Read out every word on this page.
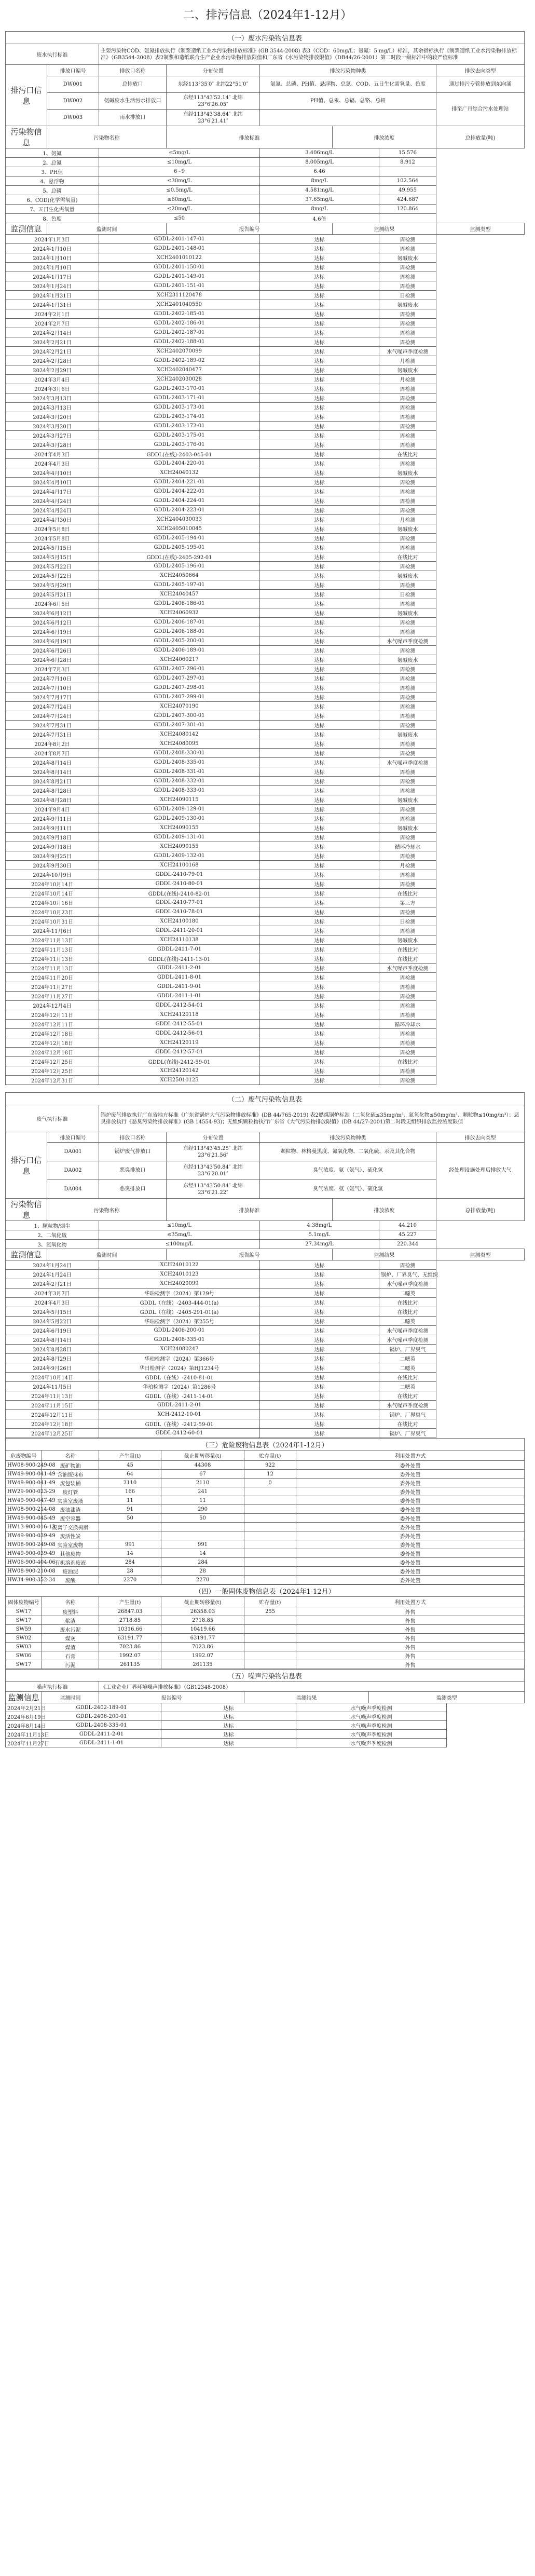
二、排污信息（2024年1-12月）
（一）废水污染物信息表							
废水执行标准		主要污染物COD、氨氮排放执行《制浆造纸工业水污染物排放标准》(GB 3544-2008) 表3（COD：60mg/L；氨氮：5 mg/L）标准，其余指标执行《制浆造纸工业水污染物排放标准》（GB3544-2008）表2制浆和造纸联合生产企业水污染物排放限值和广东省《水污染物排放限值》（DB44/26-2001）第二时段一级标准中的较严值标准					
排污口信息	排放口编号	排放口名称	分布位置	排放污染物种类			排放去向类型
	DW001	总排放口	东经113°35′0″ 北纬22°51′0″	氨氮、总磷、PH值、悬浮物、总氮、COD、五日生化需氧量、色度			通过排污专管排放到东向涌
	DW002	氨碱废水生活污水排放口	东经113°43′52.14″ 北纬23°6′26.05″	PH值、总汞、总镉、总铬、总铅			排至广丹综合污水处理站
	DW003	雨水排放口	东经113°43′38.64″ 北纬23°6′21.41″				
污染物信息	污染物名称		排放标准		排放浓度		总排放量(吨)
1、氨氮		≤5mg/L		3.406mg/L		15.576	
2、总氮		≤10mg/L		8.005mg/L		8.912	
3、PH值		6~9		6.46			
4、悬浮物		≤30mg/L		8mg/L		102.564	
5、总磷		≤0.5mg/L		4.581mg/L		49.955	
6、COD(化学需氧量)		≤60mg/L		37.65mg/L		424.687	
7、五日生化需氧量		≤20mg/L		8mg/L		120.864	
8、色度		≤50		4.6倍			
监测信息	监测时间		报告编号		监测结果		监测类型
2024年1月3日		GDDL-2401-147-01		达标		周检测	
2024年1月10日		GDDL-2401-148-01		达标		周检测	
2024年1月10日		XCH2401010122		达标		氨碱废水	
2024年1月10日		GDDL-2401-150-01		达标		周检测	
2024年1月17日		GDDL-2401-149-01		达标		周检测	
2024年1月24日		GDDL-2401-151-01		达标		周检测	
2024年1月31日		XCH2311120478		达标		日检测	
2024年1月31日		XCH2401040550		达标		氨碱废水	
2024年2月1日		GDDL-2402-185-01		达标		周检测	
2024年2月7日		GDDL-2402-186-01		达标		周检测	
2024年2月14日		GDDL-2402-187-01		达标		周检测	
2024年2月21日		GDDL-2402-188-01		达标		周检测	
2024年2月21日		XCH2402070099		达标		水气噪声季度检测	
2024年2月28日		GDDL-2402-189-02		达标		月检测	
2024年2月29日		XCH2402040477		达标		氨碱废水	
2024年3月4日		XCH2402030028		达标		月检测	
2024年3月6日		GDDL-2403-170-01		达标		周检测	
2024年3月13日		GDDL-2403-171-01		达标		周检测	
2024年3月13日		GDDL-2403-173-01		达标		周检测	
2024年3月20日		GDDL-2403-174-01		达标		周检测	
2024年3月20日		GDDL-2403-172-01		达标		周检测	
2024年3月27日		GDDL-2403-175-01		达标		周检测	
2024年3月28日		GDDL-2403-176-01		达标		周检测	
2024年4月3日		GDDL(在线)-2403-045-01		达标		在线比对	
2024年4月3日		GDDL-2404-220-01		达标		周检测	
2024年4月10日		XCH24040132		达标		氨碱废水	
2024年4月10日		GDDL-2404-221-01		达标		周检测	
2024年4月17日		GDDL-2404-222-01		达标		周检测	
2024年4月24日		GDDL-2404-224-01		达标		周检测	
2024年4月24日		GDDL-2404-223-01		达标		周检测	
2024年4月30日		XCH2404030033		达标		月检测	
2024年5月8日		XCH2405010045		达标		氨碱废水	
2024年5月8日		GDDL-2405-194-01		达标		周检测	
2024年5月15日		GDDL-2405-195-01		达标		周检测	
2024年5月15日		GDDL(在线)-2405-292-01		达标		在线比对	
2024年5月22日		GDDL-2405-196-01		达标		周检测	
2024年5月22日		XCH24050664		达标		氨碱废水	
2024年5月29日		GDDL-2405-197-01		达标		周检测	
2024年5月31日		XCH24040457		达标		日检测	
2024年6月5日		GDDL-2406-186-01		达标		周检测	
2024年6月12日		XCH24060932		达标		氨碱废水	
2024年6月12日		GDDL-2406-187-01		达标		周检测	
2024年6月19日		GDDL-2406-188-01		达标		周检测	
2024年6月19日		GDDL-2405-200-01		达标		水气噪声季度检测	
2024年6月26日		GDDL-2406-189-01		达标		周检测	
2024年6月28日		XCH24060217		达标		氨碱废水	
2024年7月3日		GDDL-2407-296-01		达标		周检测	
2024年7月10日		GDDL-2407-297-01		达标		周检测	
2024年7月10日		GDDL-2407-298-01		达标		周检测	
2024年7月17日		GDDL-2407-299-01		达标		周检测	
2024年7月24日		XCH24070190		达标		周检测	
2024年7月24日		GDDL-2407-300-01		达标		周检测	
2024年7月31日		GDDL-2407-301-01		达标		周检测	
2024年7月31日		XCH24080142		达标		氨碱废水	
2024年8月2日		XCH24080095		达标		周检测	
2024年8月7日		GDDL-2408-330-01		达标		周检测	
2024年8月14日		GDDL-2408-335-01		达标		水气噪声季度检测	
2024年8月14日		GDDL-2408-331-01		达标		周检测	
2024年8月21日		GDDL-2408-332-01		达标		周检测	
2024年8月28日		GDDL-2408-333-01		达标		周检测	
2024年8月28日		XCH24090115		达标		氨碱废水	
2024年9月4日		GDDL-2409-129-01		达标		周检测	
2024年9月11日		GDDL-2409-130-01		达标		周检测	
2024年9月11日		XCH24090155		达标		氨碱废水	
2024年9月18日		GDDL-2409-131-01		达标		周检测	
2024年9月18日		XCH24090155		达标		循环冷却水	
2024年9月25日		GDDL-2409-132-01		达标		周检测	
2024年9月30日		XCH24100168		达标		月检测	
2024年10月9日		GDDL-2410-79-01		达标		周检测	
2024年10月14日		GDDL-2410-80-01		达标		周检测	
2024年10月14日		GDDL(在线)-2410-82-01		达标		在线比对	
2024年10月16日		GDDL-2410-77-01		达标		第三方	
2024年10月23日		GDDL-2410-78-01		达标		周检测	
2024年10月31日		XCH24100180		达标		日检测	
2024年11月6日		GDDL-2411-20-01		达标		周检测	
2024年11月13日		XCH24110138		达标		氨碱废水	
2024年11月13日		GDDL-2411-7-01		达标		在线比对	
2024年11月13日		GDDL(在线)-2411-13-01		达标		在线比对	
2024年11月13日		GDDL-2411-2-01		达标		水气噪声季度检测	
2024年11月20日		GDDL-2411-8-01		达标		周检测	
2024年11月27日		GDDL-2411-9-01		达标		周检测	
2024年11月27日		GDDL-2411-1-01		达标		周检测	
2024年12月4日		GDDL-2412-54-01		达标		周检测	
2024年12月11日		XCH24120118		达标		周检测	
2024年12月11日		GDDL-2412-55-01		达标		循环冷却水	
2024年12月18日		GDDL-2412-56-01		达标		周检测	
2024年12月18日		XCH24120119		达标		周检测	
2024年12月18日		GDDL-2412-57-01		达标		周检测	
2024年12月25日		GDDL(在线)-2412-59-01		达标		在线比对	
2024年12月25日		XCH24120142		达标		周检测	
2024年12月31日		XCH25010125		达标		周检测	
（二）废气污染物信息表							
废气执行标准		锅炉废气排放执行广东省地方标准《广东省锅炉大气污染物排放标准》(DB 44/765-2019) 表2燃煤锅炉标准（二氧化硫≤35mg/m³、氮氧化物≤50mg/m³、颗粒物≤10mg/m³）；恶臭排放执行《恶臭污染物排放标准》(GB 14554-93)；无组织颗粒物执行广东省《大气污染物排放限值》(DB 44/27-2001)第二时段无组织排放监控浓度限值					
排污口信息	排放口编号	排放口名称	分布位置	排放污染物种类			排放去向类型
	DA001	锅炉废气排放口	东经113°43′45.25″ 北纬23°6′21.56″	颗粒物、林格曼黑度、氮氧化物、二氧化硫、汞及其化合物			经处理设施处理后排放大气
	DA002	恶臭排放口	东经113°43′50.84″ 北纬23°6′20.01″	臭气浓度、氨（氨气）、硫化氢			
	DA004	恶臭排放口	东经113°43′50.84″ 北纬23°6′21.22″	臭气浓度、氨（氨气）、硫化氢			
污染物信息	污染物名称		排放标准		排放浓度		总排放量(吨)
1、颗粒物/烟尘		≤10mg/L		4.38mg/L		44.210	
2、二氧化硫		≤35mg/L		5.1mg/L		45.227	
3、氮氧化物		≤100mg/L		27.34mg/L		220.344	
监测信息	监测时间		报告编号		监测结果		监测类型
2024年1月24日		XCH24010122		达标		周检测	
2024年1月24日		XCH24010123		达标		锅炉、厂界臭气、无组织	
2024年2月21日		XCH24020099		达标		水气噪声季度检测	
2024年3月7日		华珀检测字（2024）第129号		达标		二噁英	
2024年4月3日		GDDL（在线）-2403-444-01(a)		达标		在线比对	
2024年5月15日		GDDL（在线）-2405-291-01(a)		达标		在线比对	
2024年5月22日		华珀检测字（2024）第255号		达标		二噁英	
2024年6月19日		GDDL-2406-200-01		达标		水气噪声季度检测	
2024年8月14日		GDDL-2408-335-01		达标		水气噪声季度检测	
2024年8月28日		XCH24080247		达标		锅炉、厂界臭气	
2024年8月29日		华珀检测字（2024）第366号		达标		二噁英	
2024年9月26日		华日检测字（2024）第HJ1234号		达标		二噁英	
2024年10月14日		GDDL（在线）-2410-81-01		达标		在线比对	
2024年11月5日		华珀检测字（2024）第1286号		达标		二噁英	
2024年11月13日		GDDL（在线）-2411-14-01		达标		在线比对	
2024年11月15日		GDDL-2411-2-01		达标		水气噪声季度检测	
2024年12月11日		XCH-2412-10-01		达标		锅炉、厂界臭气	
2024年12月18日		GDDL（在线）-2412-59-01		达标		在线比对	
2024年12月25日		GDDL-2412-60-01		达标		锅炉、厂界臭气	
（三）危险废物信息表（2024年1-12月）					
危废物编号	名称	产生量(t)	截止期转移量(t)	贮存量(t)	利用处置方式
HW08-900-249-08	废矿物油	45	44308	922	委外处置
HW49-900-041-49	含油废抹布	64	67	12	委外处置
HW49-900-041-49	废包装桶	2110	2110	0	委外处置
HW29-900-023-29	废灯管	166	241		委外处置
HW49-900-047-49	实验室废液	11	11		委外处置
HW08-900-214-08	废油漆渣	91	290		委外处置
HW49-900-045-49	废空容器	50	50		委外处置
HW13-900-016-13	废离子交换树脂				委外处置
HW49-900-039-49	废活性炭				委外处置
HW08-900-249-08	实验室废物	991	991		委外处置
HW49-900-039-49	其他废物	14	14		委外处置
HW06-900-404-06	有机溶剂废液	284	284		委外处置
HW08-900-210-08	废油泥	28	28		委外处置
HW34-900-352-34	废酸	2270	2270		委外处置
（四）一般固体废物信息表（2024年1-12月）					
固体废物编号	名称	产生量(t)	截止期转移量(t)	贮存量(t)	利用处置方式
SW17	废塑料	26847.03	26358.03	255	外售
SW17	浆渣	2718.85	2718.85		外售
SW59	废水污泥	10316.66	10419.66		外售
SW02	煤灰	63191.77	63191.77		外售
SW03	煤渣	7023.86	7023.86		外售
SW06	石膏	1992.07	1992.07		外售
SW17	污泥	261135	261135		外售
（五）噪声污染物信息表						
噪声执行标准		《工业企业厂界环境噪声排放标准》（GB12348-2008）				
监测信息	监测时间	报告编号		监测结果		监测类型
2024年2月21日	GDDL-2402-189-01		达标		水气噪声季度检测	
2024年6月19日	GDDL-2406-200-01		达标		水气噪声季度检测	
2024年8月14日	GDDL-2408-335-01		达标		水气噪声季度检测	
2024年11月13日	GDDL-2411-2-01		达标		水气噪声季度检测	
2024年11月27日	GDDL-2411-1-01		达标		水气噪声季度检测	
